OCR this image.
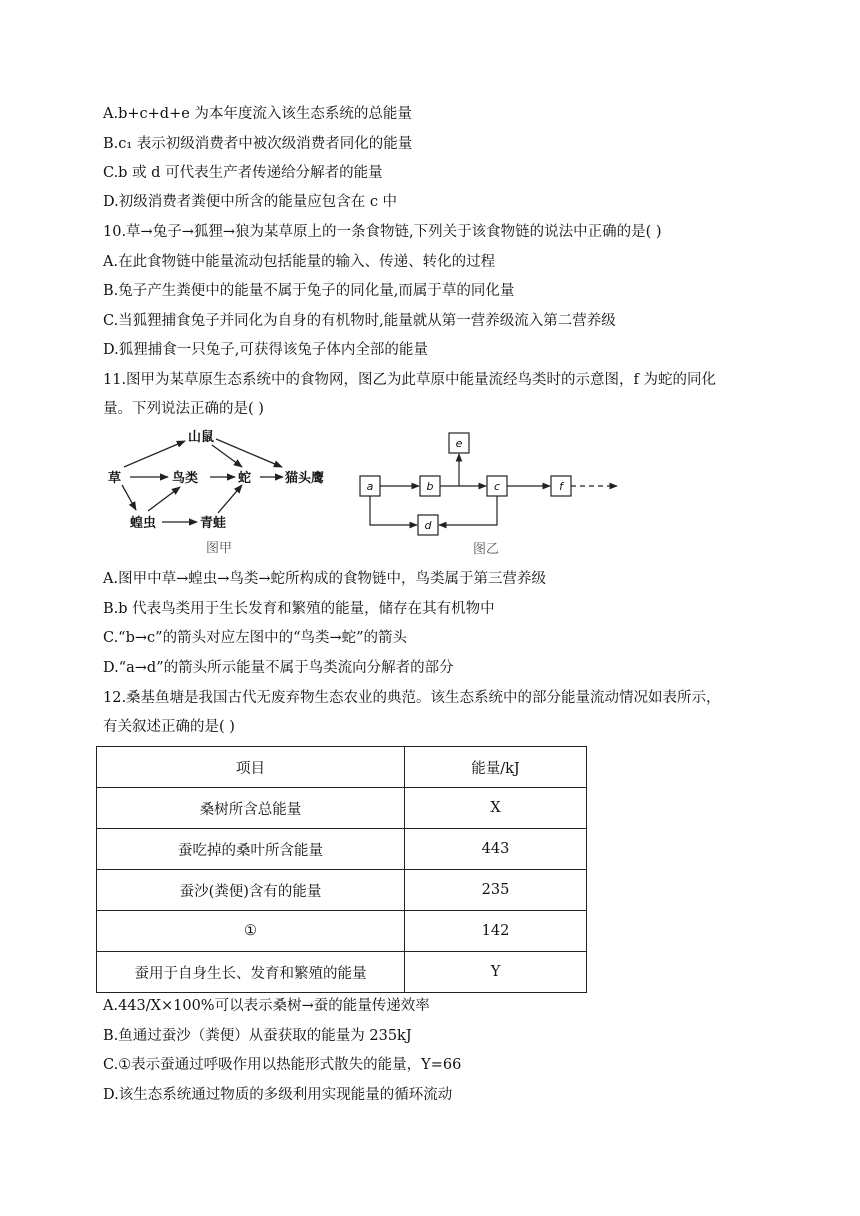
A.b+c+d+e 为本年度流入该生态系统的总能量
B.c₁ 表示初级消费者中被次级消费者同化的能量
C.b 或 d 可代表生产者传递给分解者的能量
D.初级消费者粪便中所含的能量应包含在 c 中
10.草→兔子→狐狸→狼为某草原上的一条食物链,下列关于该食物链的说法中正确的是( )
A.在此食物链中能量流动包括能量的输入、传递、转化的过程
B.兔子产生粪便中的能量不属于兔子的同化量,而属于草的同化量
C.当狐狸捕食兔子并同化为自身的有机物时,能量就从第一营养级流入第二营养级
D.狐狸捕食一只兔子,可获得该兔子体内全部的能量
11.图甲为某草原生态系统中的食物网，图乙为此草原中能量流经鸟类时的示意图，f 为蛇的同化
量。下列说法正确的是( )
草
山鼠
鸟类	蛇	猫头鹰
蝗虫	青蛙
图甲
a	b	c
d
e
f
图乙
A.图甲中草→蝗虫→鸟类→蛇所构成的食物链中，鸟类属于第三营养级
B.b 代表鸟类用于生长发育和繁殖的能量，储存在其有机物中
C.“b→c”的箭头对应左图中的“鸟类→蛇”的箭头
D.“a→d”的箭头所示能量不属于鸟类流向分解者的部分
12.桑基鱼塘是我国古代无废弃物生态农业的典范。该生态系统中的部分能量流动情况如表所示，
有关叙述正确的是( )
项目	能量/kJ
桑树所含总能量	X
蚕吃掉的桑叶所含能量	443
蚕沙(粪便)含有的能量	235
①	142
蚕用于自身生长、发育和繁殖的能量	Y
A.443/X×100%可以表示桑树→蚕的能量传递效率
B.鱼通过蚕沙（粪便）从蚕获取的能量为 235kJ
C.①表示蚕通过呼吸作用以热能形式散失的能量，Y=66
D.该生态系统通过物质的多级利用实现能量的循环流动
